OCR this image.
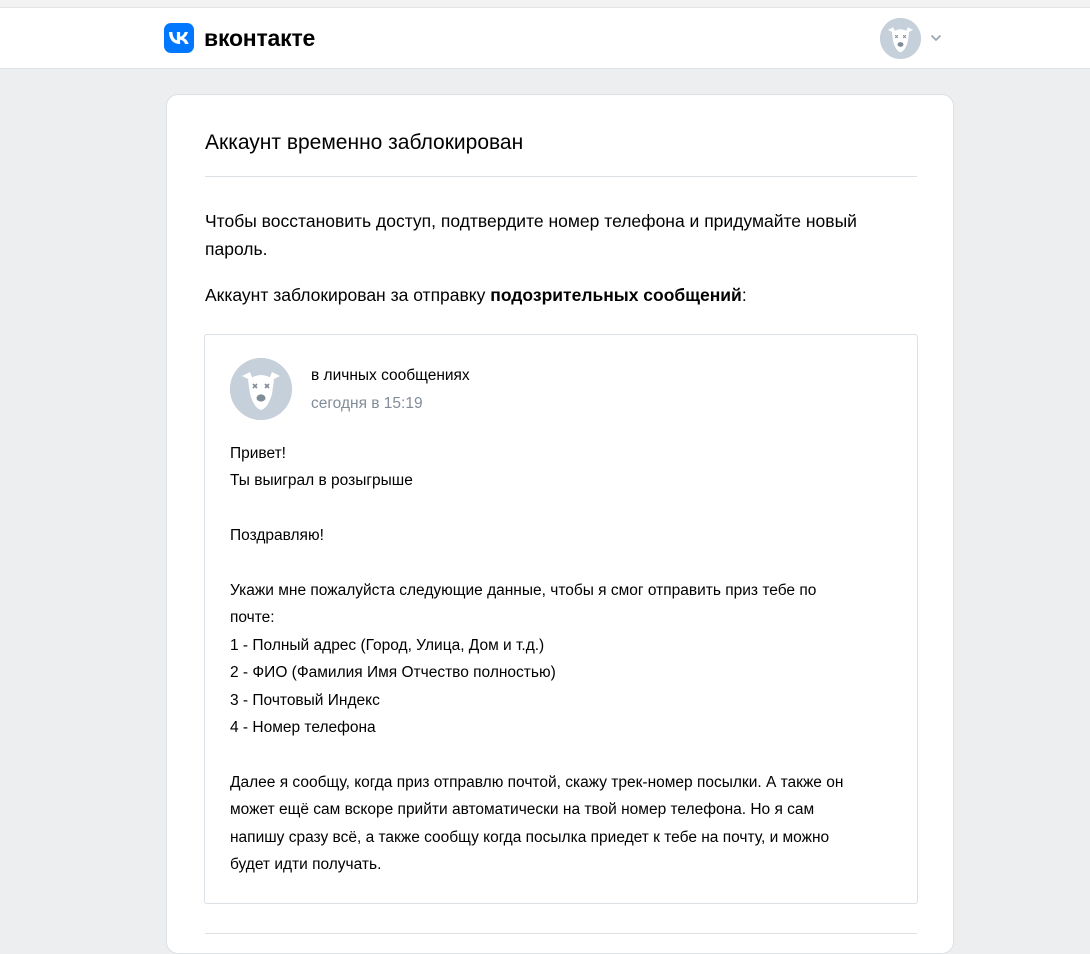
вконтакте
Аккаунт временно заблокирован
Чтобы восстановить доступ, подтвердите номер телефона и придумайте новый пароль.
Аккаунт заблокирован за отправку подозрительных сообщений:
в личных сообщениях
сегодня в 15:19
Привет!
Ты выиграл в розыгрыше
Поздравляю!
Укажи мне пожалуйста следующие данные, чтобы я смог отправить приз тебе по
почте:
1 - Полный адрес (Город, Улица, Дом и т.д.)
2 - ФИО (Фамилия Имя Отчество полностью)
3 - Почтовый Индекс
4 - Номер телефона
Далее я сообщу, когда приз отправлю почтой, скажу трек-номер посылки. А также он
может ещё сам вскоре прийти автоматически на твой номер телефона. Но я сам
напишу сразу всё, а также сообщу когда посылка приедет к тебе на почту, и можно
будет идти получать.
